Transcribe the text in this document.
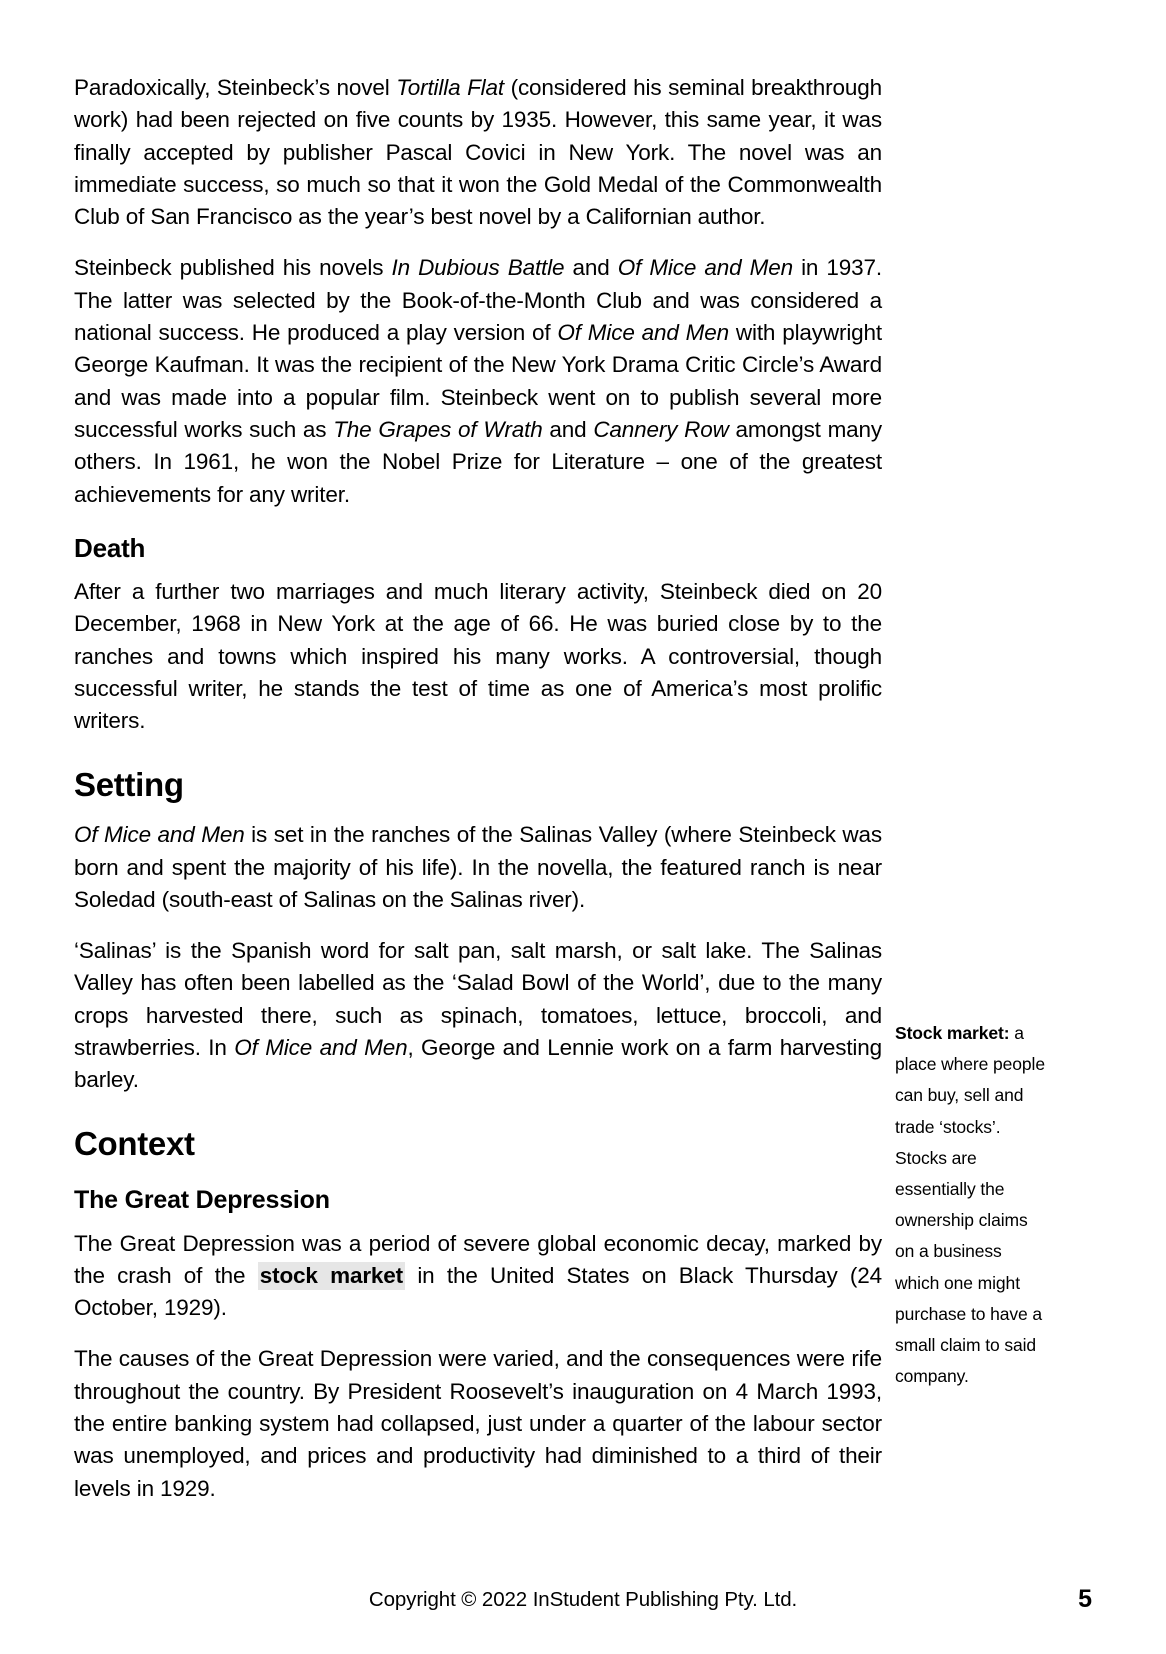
Paradoxically, Steinbeck’s novel Tortilla Flat (considered his seminal breakthrough work) had been rejected on five counts by 1935. However, this same year, it was finally accepted by publisher Pascal Covici in New York. The novel was an immediate success, so much so that it won the Gold Medal of the Commonwealth Club of San Francisco as the year’s best novel by a Californian author.

Steinbeck published his novels In Dubious Battle and Of Mice and Men in 1937. The latter was selected by the Book-of-the-Month Club and was considered a national success. He produced a play version of Of Mice and Men with playwright George Kaufman. It was the recipient of the New York Drama Critic Circle’s Award and was made into a popular film. Steinbeck went on to publish several more successful works such as The Grapes of Wrath and Cannery Row amongst many others. In 1961, he won the Nobel Prize for Literature – one of the greatest achievements for any writer.

Death

After a further two marriages and much literary activity, Steinbeck died on 20 December, 1968 in New York at the age of 66. He was buried close by to the ranches and towns which inspired his many works. A controversial, though successful writer, he stands the test of time as one of America’s most prolific writers.

Setting

Of Mice and Men is set in the ranches of the Salinas Valley (where Steinbeck was born and spent the majority of his life). In the novella, the featured ranch is near Soledad (south-east of Salinas on the Salinas river).

‘Salinas’ is the Spanish word for salt pan, salt marsh, or salt lake. The Salinas Valley has often been labelled as the ‘Salad Bowl of the World’, due to the many crops harvested there, such as spinach, tomatoes, lettuce, broccoli, and strawberries. In Of Mice and Men, George and Lennie work on a farm harvesting barley.

Context
The Great Depression

The Great Depression was a period of severe global economic decay, marked by the crash of the stock market in the United States on Black Thursday (24 October, 1929).

The causes of the Great Depression were varied, and the consequences were rife throughout the country. By President Roosevelt’s inauguration on 4 March 1993, the entire banking system had collapsed, just under a quarter of the labour sector was unemployed, and prices and productivity had diminished to a third of their levels in 1929.

Stock market: a place where people can buy, sell and trade ‘stocks’. Stocks are essentially the ownership claims on a business which one might purchase to have a small claim to said company.
Copyright © 2022 InStudent Publishing Pty. Ltd.	5
